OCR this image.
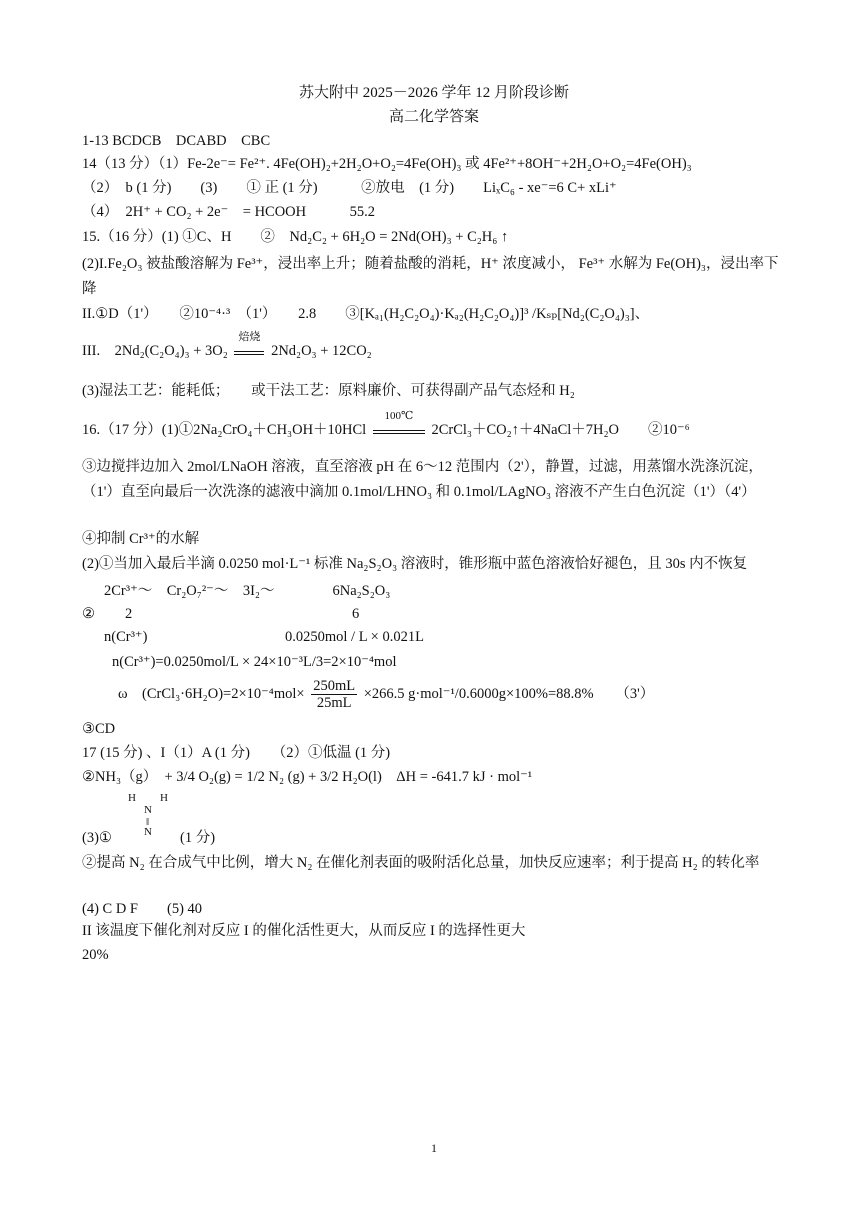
苏大附中 2025－2026 学年 12 月阶段诊断
高二化学答案
1-13 BCDCB　DCABD　CBC
14（13 分）（1）Fe-2e⁻= Fe²⁺. 4Fe(OH)₂+2H₂O+O₂=4Fe(OH)₃ 或 4Fe²⁺+8OH⁻+2H₂O+O₂=4Fe(OH)₃
（2）　b (1 分)　　(3)　　① 正 (1 分)　　　②放电　(1 分)　　LiₓC₆ - xe⁻=6 C+ xLi⁺
（4）　2H⁺ + CO₂ + 2e⁻　= HCOOH　　　55.2
15.（16 分）(1) ①C、H　　②　Nd₂C₂ + 6H₂O = 2Nd(OH)₃ + C₂H₆ ↑
(2)I.Fe₂O₃ 被盐酸溶解为 Fe³⁺，浸出率上升；随着盐酸的消耗，H⁺ 浓度减小， Fe³⁺ 水解为 Fe(OH)₃，浸出率下降
II.①D（1'）　　②10⁻⁴·³　（1'）　　2.8　　③[Kₐ₁(H₂C₂O₄)·Kₐ₂(H₂C₂O₄)]³ /Kₛₚ[Nd₂(C₂O₄)₃]、
III.　2Nd₂(C₂O₄)₃ + 3O₂
焙烧
2Nd₂O₃ + 12CO₂
(3)湿法工艺：能耗低；　　或干法工艺：原料廉价、可获得副产品气态烃和 H₂
16.（17 分）(1)①2Na₂CrO₄＋CH₃OH＋10HCl
100℃
2CrCl₃＋CO₂↑＋4NaCl＋7H₂O　　②10⁻⁶
③边搅拌边加入 2mol/LNaOH 溶液，直至溶液 pH 在 6～12 范围内（2'），静置，过滤，用蒸馏水洗涤沉淀，（1'）直至向最后一次洗涤的滤液中滴加 0.1mol/LHNO₃ 和 0.1mol/LAgNO₃ 溶液不产生白色沉淀（1'）（4'）
④抑制 Cr³⁺的水解
(2)①当加入最后半滴 0.0250 mol·L⁻¹ 标准 Na₂S₂O₃ 溶液时，锥形瓶中蓝色溶液恰好褪色，且 30s 内不恢复
2Cr³⁺～　Cr₂O₇²⁻～　3I₂～　　　　6Na₂S₂O₃
② 2	6
n(Cr³⁺)	0.0250mol / L × 0.021L
n(Cr³⁺)=0.0250mol/L × 24×10⁻³L/3=2×10⁻⁴mol
ω　(CrCl₃·6H₂O)=2×10⁻⁴mol× $\frac{250mL}{25mL} \times 266.5$ g·mol⁻¹/0.6000g×100%=88.8%　　（3'）
③CD
17 (15 分) 、I（1）A (1 分)　　（2）①低温 (1 分)
②NH₃（g）　+ 3/4 O₂(g) = 1/2 N₂ (g) + 3/2 H₂O(l)　ΔH = -641.7 kJ · mol⁻¹
H H
N
‖
N
(3)①	(1 分)
②提高 N₂ 在合成气中比例，增大 N₂ 在催化剂表面的吸附活化总量，加快反应速率；利于提高 H₂ 的转化率
(4) C D F　　(5) 40
II 该温度下催化剂对反应 I 的催化活性更大，从而反应 I 的选择性更大
20%
1
